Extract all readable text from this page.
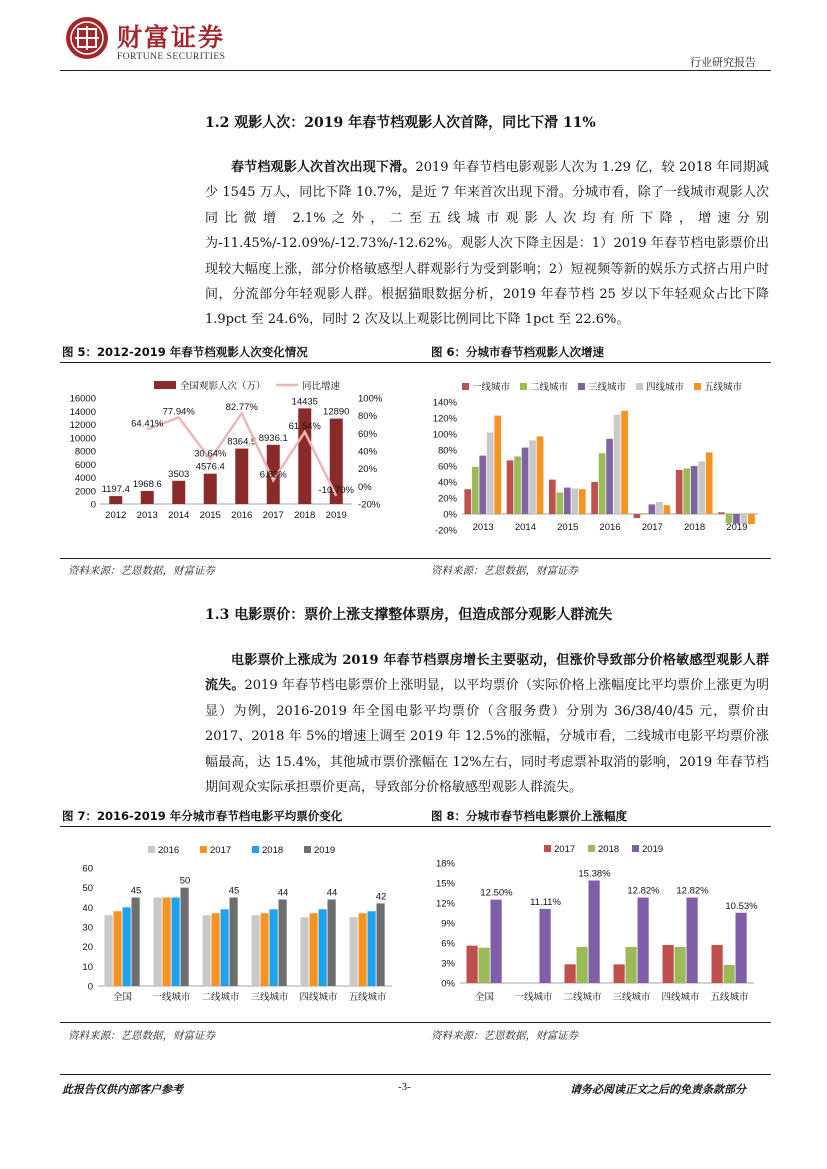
财富证券
FORTUNE SECURITIES	行业研究报告
1.2 观影人次：2019 年春节档观影人次首降，同比下滑 11%
春节档观影人次首次出现下滑。2019 年春节档电影观影人次为 1.29 亿，较 2018 年同期减少 1545 万人，同比下降 10.7%，是近 7 年来首次出现下滑。分城市看，除了一线城市观影人次同比微增 2.1%之外，二至五线城市观影人次均有所下降，增速分别为-11.45%/-12.09%/-12.73%/-12.62%。观影人次下降主因是：1）2019 年春节档电影票价出现较大幅度上涨，部分价格敏感型人群观影行为受到影响；2）短视频等新的娱乐方式挤占用户时间，分流部分年轻观影人群。根据猫眼数据分析，2019 年春节档 25 岁以下年轻观众占比下降 1.9pct 至 24.6%，同时 2 次及以上观影比例同比下降 1pct 至 22.6%。
图 5：2012-2019 年春节档观影人次变化情况	图 6：分城市春节档观影人次增速
全国观影人次（万）	同比增速
0
2000
4000
6000
8000
10000
12000
14000
16000
-20%
0%
20%
40%
60%
80%
100%
1197.4 1968.6
3503
4576.4
8364.5 8936.1
14435
12890
64.41%
77.94%
30.64%
82.77%
6.83%
61.54%
-10.70%
2012 2013 2014 2015 2016 2017 2018 2019
一线城市 二线城市 三线城市 四线城市 五线城市
-20%
0%
20%
40%
60%
80%
100%
120%
140%
2013 2014 2015 2016 2017 2018 2019
资料来源：艺恩数据，财富证券	资料来源：艺恩数据，财富证券
1.3 电影票价：票价上涨支撑整体票房，但造成部分观影人群流失
电影票价上涨成为 2019 年春节档票房增长主要驱动，但涨价导致部分价格敏感型观影人群流失。2019 年春节档电影票价上涨明显，以平均票价（实际价格上涨幅度比平均票价上涨更为明显）为例，2016-2019 年全国电影平均票价（含服务费）分别为 36/38/40/45 元，票价由 2017、2018 年 5%的增速上调至 2019 年 12.5%的涨幅，分城市看，二线城市电影平均票价涨幅最高，达 15.4%，其他城市票价涨幅在 12%左右，同时考虑票补取消的影响，2019 年春节档期间观众实际承担票价更高，导致部分价格敏感型观影人群流失。
图 7：2016-2019 年分城市春节档电影平均票价变化	图 8：分城市春节档电影票价上涨幅度
2016	2017	2018	2019
0
10
20
30
40
50
60
45
50
45	44	44	42
全国 一线城市 二线城市 三线城市 四线城市 五线城市
2017 2018 2019
0%
3%
6%
9%
12%
15%
18%
12.50%
11.11%
15.38%
12.82% 12.82%
10.53%
全国 一线城市 二线城市 三线城市 四线城市 五线城市
资料来源：艺恩数据，财富证券	资料来源：艺恩数据，财富证券
此报告仅供内部客户参考	-3-	请务必阅读正文之后的免责条款部分
